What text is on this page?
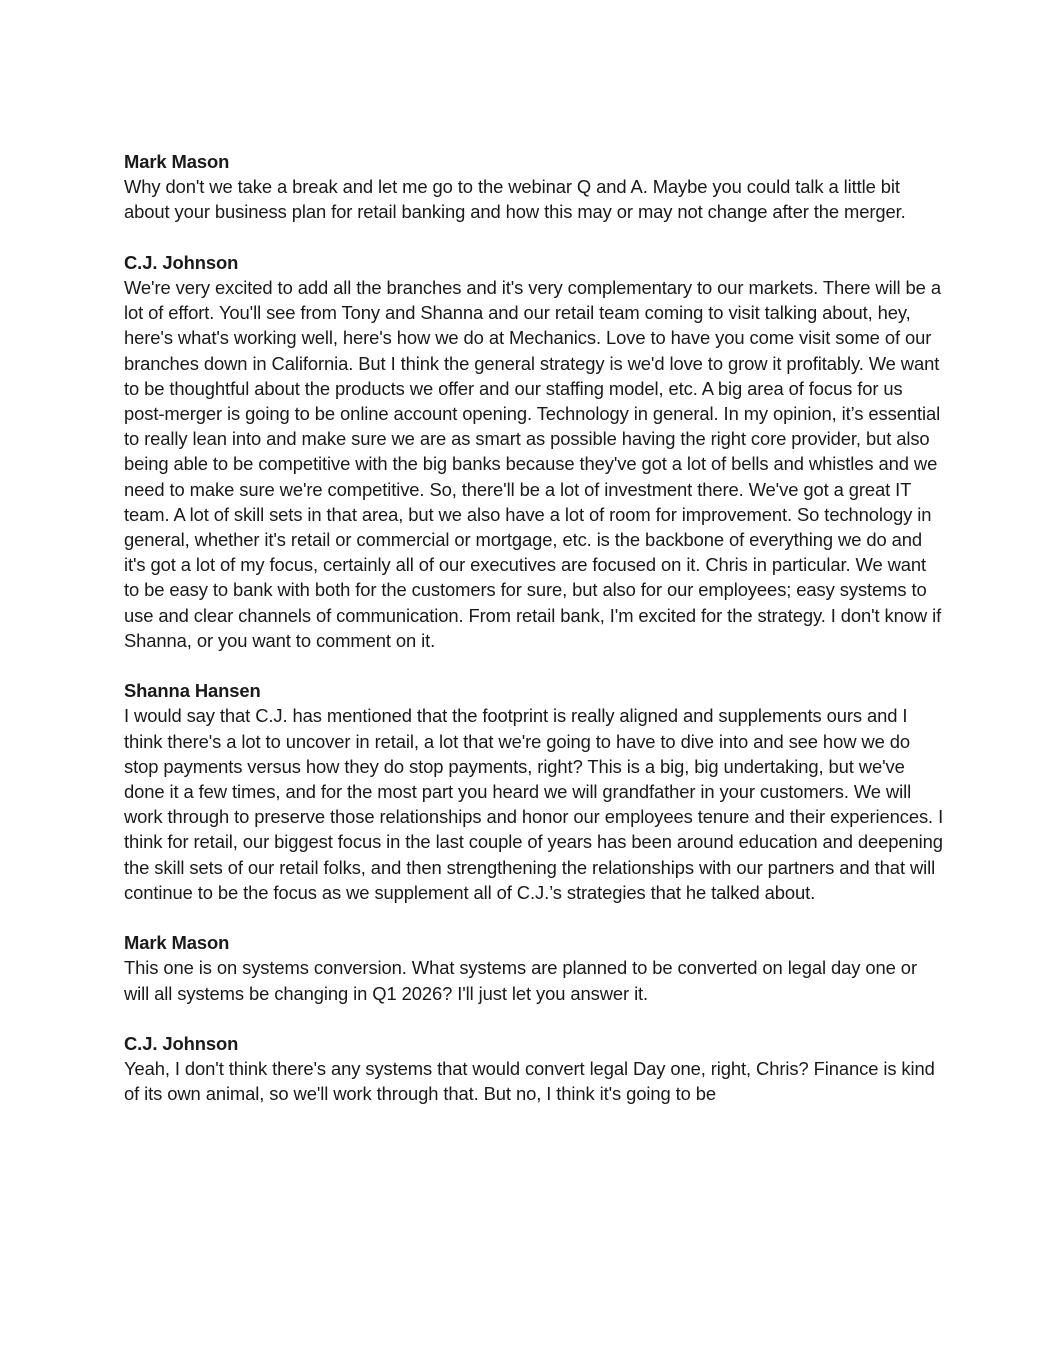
Mark Mason
Why don't we take a break and let me go to the webinar Q and A. Maybe you could talk a little bit about your business plan for retail banking and how this may or may not change after the merger.
C.J. Johnson
We're very excited to add all the branches and it's very complementary to our markets. There will be a lot of effort. You'll see from Tony and Shanna and our retail team coming to visit talking about, hey, here's what's working well, here's how we do at Mechanics. Love to have you come visit some of our branches down in California. But I think the general strategy is we'd love to grow it profitably. We want to be thoughtful about the products we offer and our staffing model, etc. A big area of focus for us post-merger is going to be online account opening. Technology in general. In my opinion, it’s essential to really lean into and make sure we are as smart as possible having the right core provider, but also being able to be competitive with the big banks because they've got a lot of bells and whistles and we need to make sure we're competitive. So, there'll be a lot of investment there. We've got a great IT team. A lot of skill sets in that area, but we also have a lot of room for improvement. So technology in general, whether it's retail or commercial or mortgage, etc. is the backbone of everything we do and it's got a lot of my focus, certainly all of our executives are focused on it. Chris in particular. We want to be easy to bank with both for the customers for sure, but also for our employees; easy systems to use and clear channels of communication. From retail bank, I'm excited for the strategy. I don't know if Shanna, or you want to comment on it.
Shanna Hansen
I would say that C.J. has mentioned that the footprint is really aligned and supplements ours and I think there's a lot to uncover in retail, a lot that we're going to have to dive into and see how we do stop payments versus how they do stop payments, right? This is a big, big undertaking, but we've done it a few times, and for the most part you heard we will grandfather in your customers. We will work through to preserve those relationships and honor our employees tenure and their experiences. I think for retail, our biggest focus in the last couple of years has been around education and deepening the skill sets of our retail folks, and then strengthening the relationships with our partners and that will continue to be the focus as we supplement all of C.J.’s strategies that he talked about.
Mark Mason
This one is on systems conversion. What systems are planned to be converted on legal day one or will all systems be changing in Q1 2026? I'll just let you answer it.
C.J. Johnson
Yeah, I don't think there's any systems that would convert legal Day one, right, Chris? Finance is kind of its own animal, so we'll work through that. But no, I think it's going to be
